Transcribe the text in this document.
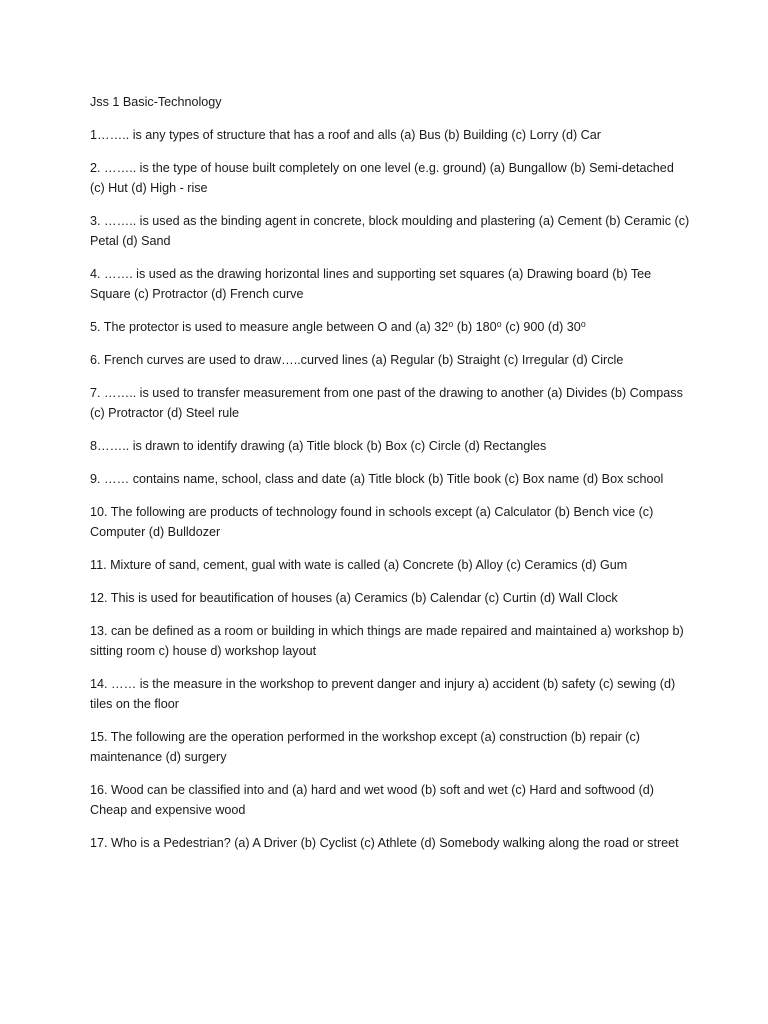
Jss 1 Basic-Technology

1…….. is any types of structure that has a roof and alls (a) Bus (b) Building (c) Lorry (d) Car

2. …….. is the type of house built completely on one level (e.g. ground) (a) Bungallow (b) Semi-detached (c) Hut (d) High - rise

3. …….. is used as the binding agent in concrete, block moulding and plastering (a) Cement (b) Ceramic (c) Petal (d) Sand

4. ……. is used as the drawing horizontal lines and supporting set squares (a) Drawing board (b) Tee Square (c) Protractor (d) French curve

5. The protector is used to measure angle between O and (a) 32⁰ (b) 180⁰ (c) 900 (d) 30⁰

6. French curves are used to draw…..curved lines (a) Regular (b) Straight (c) Irregular (d) Circle

7. …….. is used to transfer measurement from one past of the drawing to another (a) Divides (b) Compass (c) Protractor (d) Steel rule

8…….. is drawn to identify drawing (a) Title block (b) Box (c) Circle (d) Rectangles

9. …… contains name, school, class and date (a) Title block (b) Title book (c) Box name (d) Box school

10. The following are products of technology found in schools except (a) Calculator (b) Bench vice (c) Computer (d) Bulldozer

11. Mixture of sand, cement, gual with wate is called (a) Concrete (b) Alloy (c) Ceramics (d) Gum

12. This is used for beautification of houses (a) Ceramics (b) Calendar (c) Curtin (d) Wall Clock

13. can be defined as a room or building in which things are made repaired and maintained a) workshop b) sitting room c) house d) workshop layout

14. …… is the measure in the workshop to prevent danger and injury a) accident (b) safety (c) sewing (d) tiles on the floor

15. The following are the operation performed in the workshop except (a) construction (b) repair (c) maintenance (d) surgery

16. Wood can be classified into and (a) hard and wet wood (b) soft and wet (c) Hard and softwood (d) Cheap and expensive wood

17. Who is a Pedestrian? (a) A Driver (b) Cyclist (c) Athlete (d) Somebody walking along the road or street
